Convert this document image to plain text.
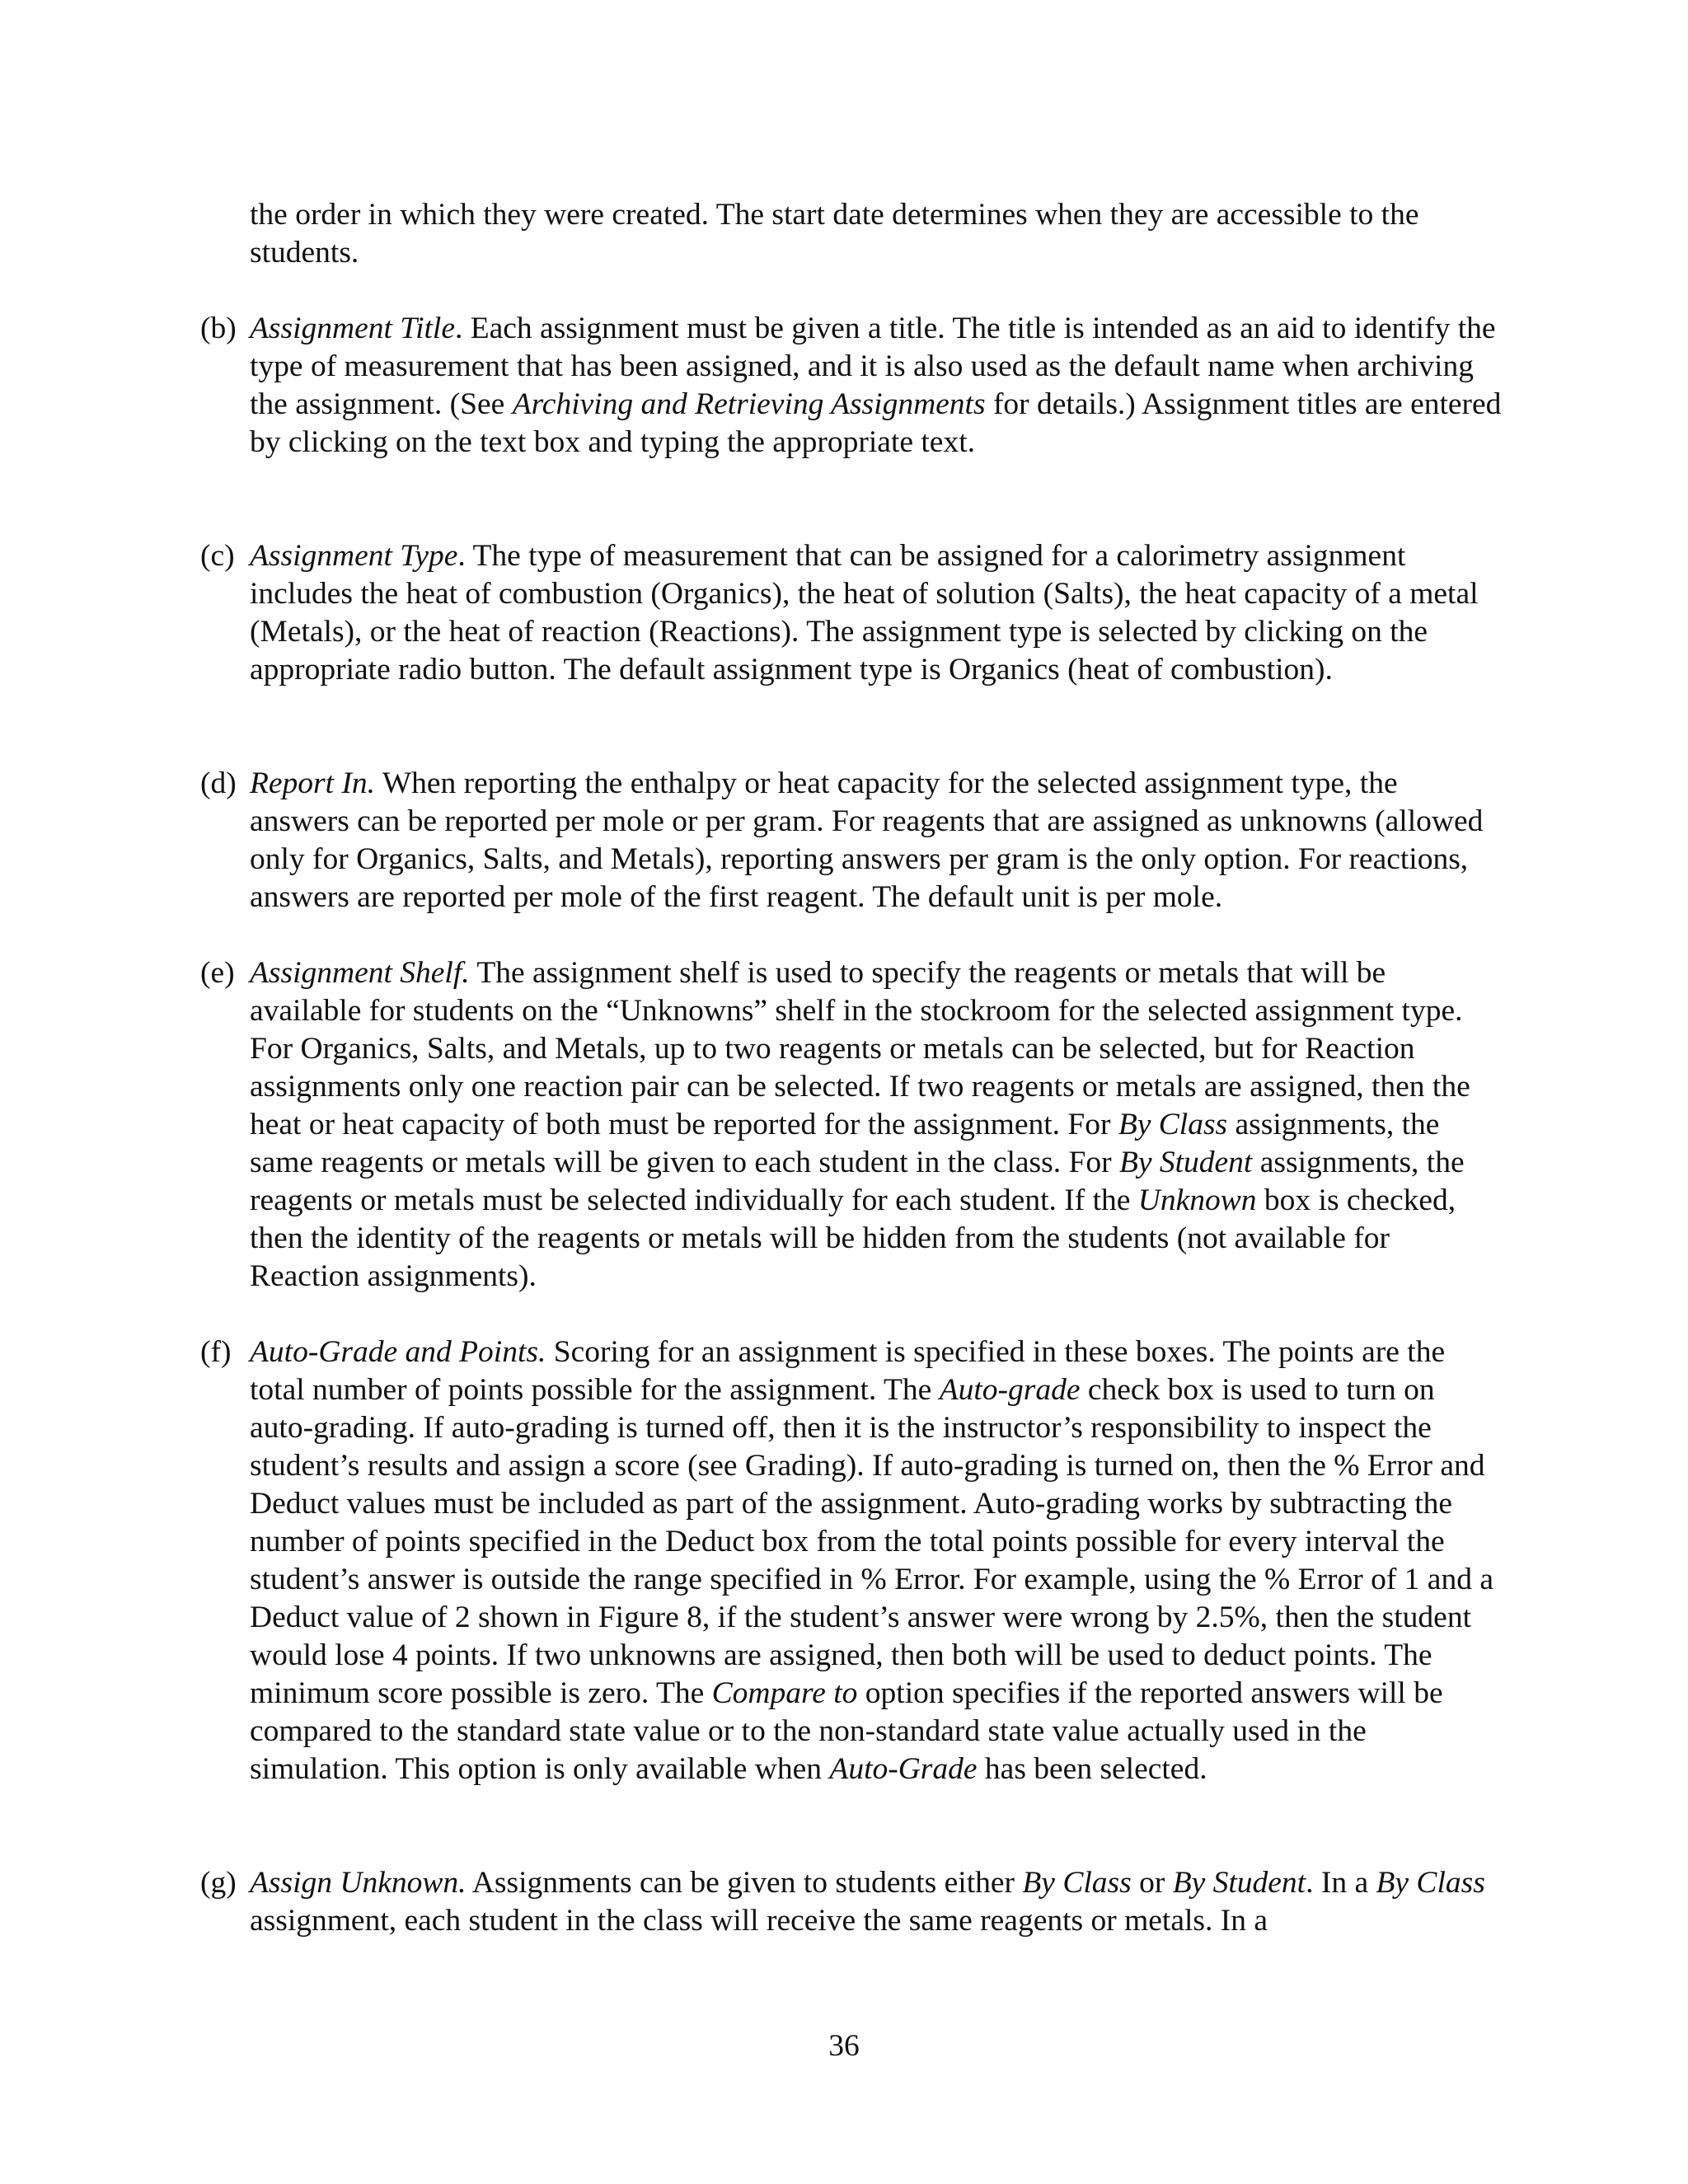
the order in which they were created. The start date determines when they are accessible to the students.

(b) Assignment Title. Each assignment must be given a title. The title is intended as an aid to identify the type of measurement that has been assigned, and it is also used as the default name when archiving the assignment. (See Archiving and Retrieving Assignments for details.) Assignment titles are entered by clicking on the text box and typing the appropriate text.
(c) Assignment Type. The type of measurement that can be assigned for a calorimetry assignment includes the heat of combustion (Organics), the heat of solution (Salts), the heat capacity of a metal (Metals), or the heat of reaction (Reactions). The assignment type is selected by clicking on the appropriate radio button. The default assignment type is Organics (heat of combustion).
(d) Report In. When reporting the enthalpy or heat capacity for the selected assignment type, the answers can be reported per mole or per gram. For reagents that are assigned as unknowns (allowed only for Organics, Salts, and Metals), reporting answers per gram is the only option. For reactions, answers are reported per mole of the first reagent. The default unit is per mole.
(e) Assignment Shelf. The assignment shelf is used to specify the reagents or metals that will be available for students on the “Unknowns” shelf in the stockroom for the selected assignment type. For Organics, Salts, and Metals, up to two reagents or metals can be selected, but for Reaction assignments only one reaction pair can be selected. If two reagents or metals are assigned, then the heat or heat capacity of both must be reported for the assignment. For By Class assignments, the same reagents or metals will be given to each student in the class. For By Student assignments, the reagents or metals must be selected individually for each student. If the Unknown box is checked, then the identity of the reagents or metals will be hidden from the students (not available for Reaction assignments).
(f) Auto-Grade and Points. Scoring for an assignment is specified in these boxes. The points are the total number of points possible for the assignment. The Auto-grade check box is used to turn on auto-grading. If auto-grading is turned off, then it is the instructor’s responsibility to inspect the student’s results and assign a score (see Grading). If auto-grading is turned on, then the % Error and Deduct values must be included as part of the assignment. Auto-grading works by subtracting the number of points specified in the Deduct box from the total points possible for every interval the student’s answer is outside the range specified in % Error. For example, using the % Error of 1 and a Deduct value of 2 shown in Figure 8, if the student’s answer were wrong by 2.5%, then the student would lose 4 points. If two unknowns are assigned, then both will be used to deduct points. The minimum score possible is zero. The Compare to option specifies if the reported answers will be compared to the standard state value or to the non-standard state value actually used in the simulation. This option is only available when Auto-Grade has been selected.
(g) Assign Unknown. Assignments can be given to students either By Class or By Student. In a By Class assignment, each student in the class will receive the same reagents or metals. In a
36
